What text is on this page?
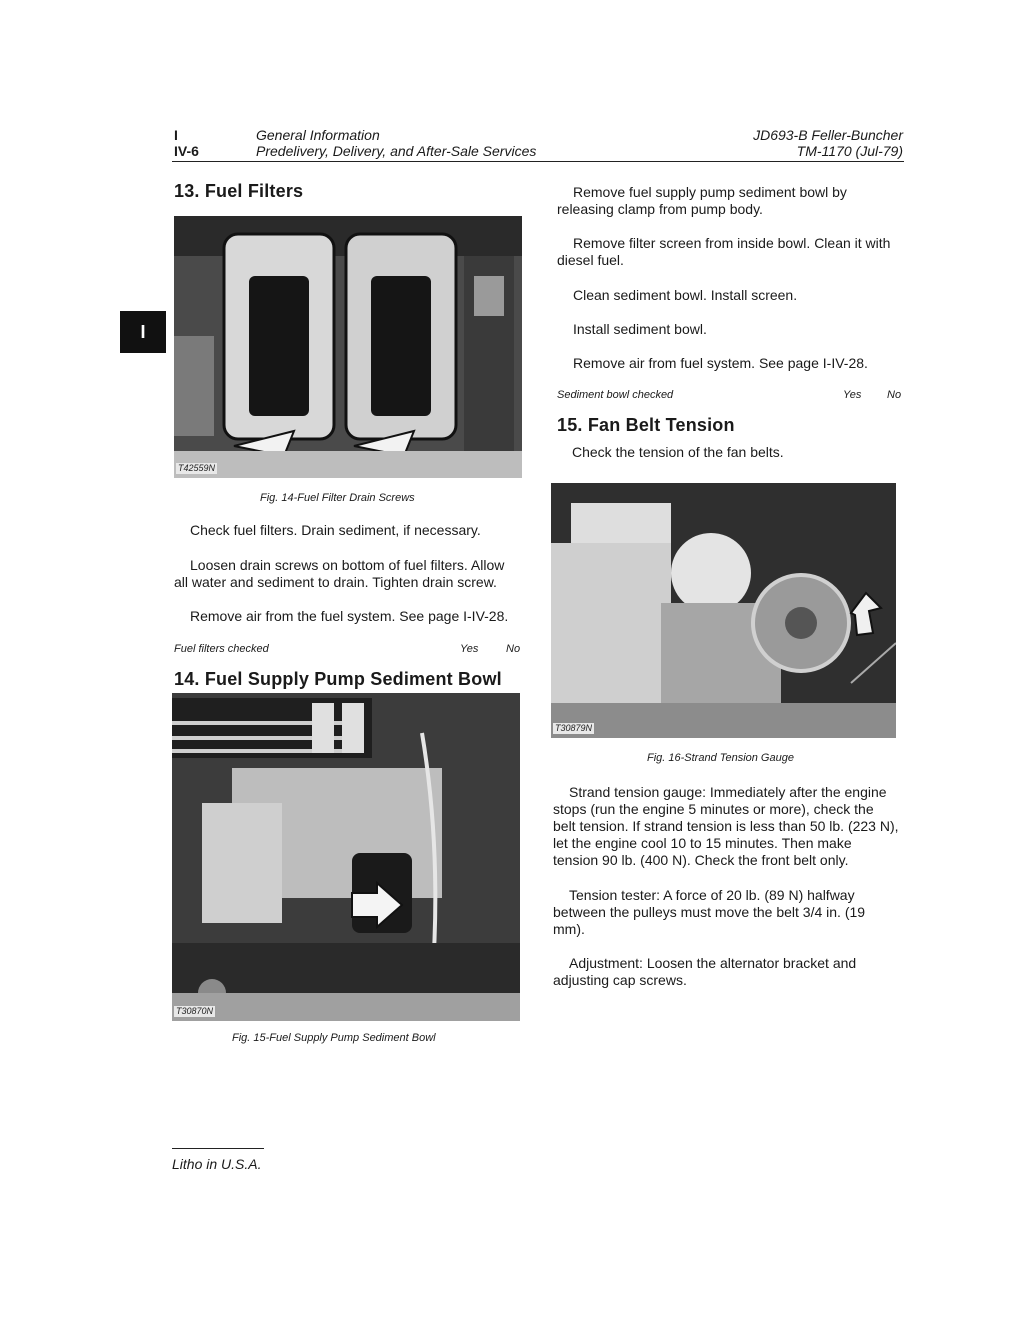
I
IV-6
General Information
Predelivery, Delivery, and After-Sale Services
JD693-B Feller-Buncher
TM-1170 (Jul-79)
I
13. Fuel Filters
T42559N
Fig. 14-Fuel Filter Drain Screws
Check fuel filters. Drain sediment, if necessary.
Loosen drain screws on bottom of fuel filters. Allow all water and sediment to drain. Tighten drain screw.
Remove air from the fuel system. See page I-IV-28.
Fuel filters checked	Yes	No
14. Fuel Supply Pump Sediment Bowl
T30870N
Fig. 15-Fuel Supply Pump Sediment Bowl
Remove fuel supply pump sediment bowl by releasing clamp from pump body.
Remove filter screen from inside bowl. Clean it with diesel fuel.
Clean sediment bowl. Install screen.
Install sediment bowl.
Remove air from fuel system. See page I-IV-28.
Sediment bowl checked	Yes No
15. Fan Belt Tension
Check the tension of the fan belts.
T30879N
Fig. 16-Strand Tension Gauge
Strand tension gauge: Immediately after the engine stops (run the engine 5 minutes or more), check the belt tension. If strand tension is less than 50 lb. (223 N), let the engine cool 10 to 15 minutes. Then make tension 90 lb. (400 N). Check the front belt only.
Tension tester: A force of 20 lb. (89 N) halfway between the pulleys must move the belt 3/4 in. (19 mm).
Adjustment: Loosen the alternator bracket and adjusting cap screws.
Litho in U.S.A.
